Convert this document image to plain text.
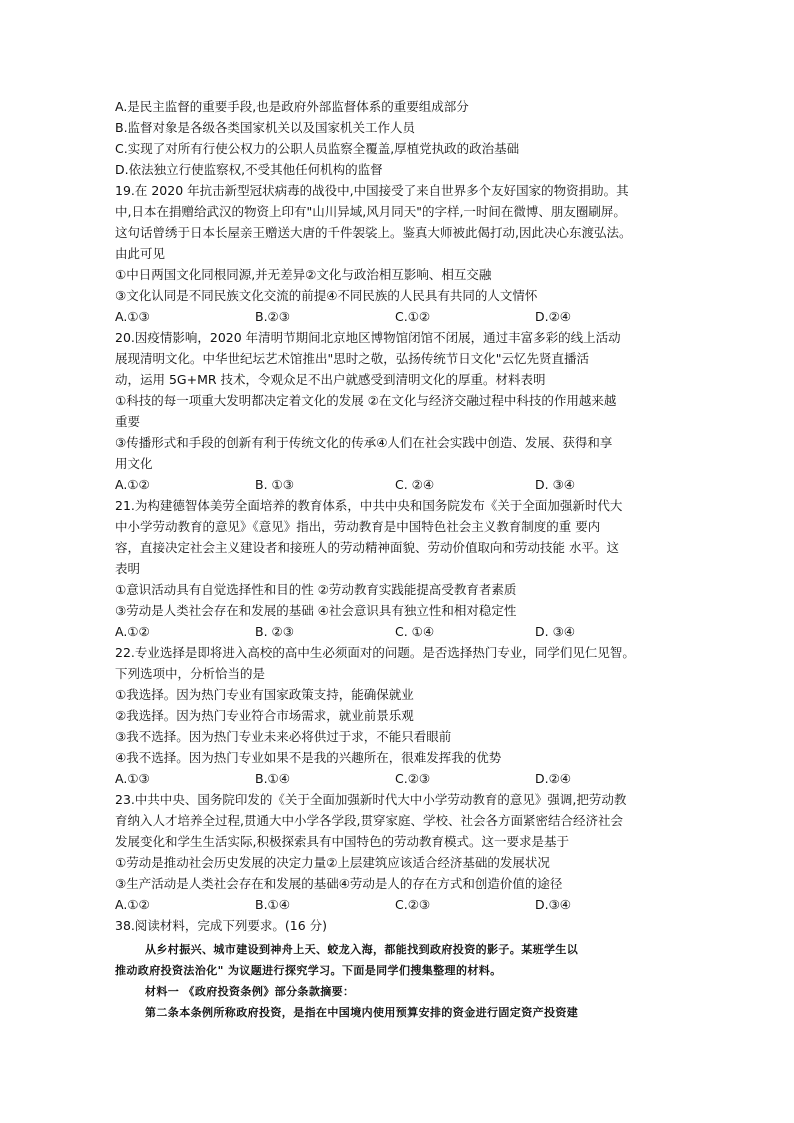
A.是民主监督的重要手段,也是政府外部监督体系的重要组成部分
B.监督对象是各级各类国家机关以及国家机关工作人员
C.实现了对所有行使公权力的公职人员监察全覆盖,厚植党执政的政治基础
D.依法独立行使监察权,不受其他任何机构的监督
19.在 2020 年抗击新型冠状病毒的战役中,中国接受了来自世界多个友好国家的物资捐助。其
中,日本在捐赠给武汉的物资上印有"山川异域,风月同天"的字样,一时间在微博、朋友圈刷屏。
这句话曾绣于日本长屋亲王赠送大唐的千件袈裟上。鉴真大师被此偈打动,因此决心东渡弘法。
由此可见
①中日两国文化同根同源,并无差异②文化与政治相互影响、相互交融
③文化认同是不同民族文化交流的前提④不同民族的人民具有共同的人文情怀
A.①③	B.②③	C.①②	D.②④
20.因疫情影响，2020 年清明节期间北京地区博物馆闭馆不闭展，通过丰富多彩的线上活动
展现清明文化。中华世纪坛艺术馆推出"思时之敬，弘扬传统节日文化"云忆先贤直播活
动，运用 5G+MR 技术，令观众足不出户就感受到清明文化的厚重。材料表明
①科技的每一项重大发明都决定着文化的发展 ②在文化与经济交融过程中科技的作用越来越
重要
③传播形式和手段的创新有利于传统文化的传承④人们在社会实践中创造、发展、获得和享
用文化
A.①②	B. ①③	C. ②④	D. ③④
21.为构建德智体美劳全面培养的教育体系，中共中央和国务院发布《关于全面加强新时代大
中小学劳动教育的意见》《意见》指出，劳动教育是中国特色社会主义教育制度的重 要内
容，直接决定社会主义建设者和接班人的劳动精神面貌、劳动价值取向和劳动技能 水平。这
表明
①意识活动具有自觉选择性和目的性 ②劳动教育实践能提高受教育者素质
③劳动是人类社会存在和发展的基础 ④社会意识具有独立性和相对稳定性
A.①②	B. ②③	C. ①④	D. ③④
22.专业选择是即将进入高校的高中生必须面对的问题。是否选择热门专业，同学们见仁见智。
下列选项中，分析恰当的是
①我选择。因为热门专业有国家政策支持，能确保就业
②我选择。因为热门专业符合市场需求，就业前景乐观
③我不选择。因为热门专业未来必将供过于求，不能只看眼前
④我不选择。因为热门专业如果不是我的兴趣所在，很难发挥我的优势
A.①③	B.①④	C.②③	D.②④
23.中共中央、国务院印发的《关于全面加强新时代大中小学劳动教育的意见》强调,把劳动教
育纳入人才培养全过程,贯通大中小学各学段,贯穿家庭、学校、社会各方面紧密结合经济社会
发展变化和学生生活实际,积极探索具有中国特色的劳动教育模式。这一要求是基于
①劳动是推动社会历史发展的决定力量②上层建筑应该适合经济基础的发展状况
③生产活动是人类社会存在和发展的基础④劳动是人的存在方式和创造价值的途径
A.①②	B.①④	C.②③	D.③④
38.阅读材料，完成下列要求。(16 分)
从乡村振兴、城市建设到神舟上天、蛟龙入海，都能找到政府投资的影子。某班学生以
推动政府投资法治化" 为议题进行探究学习。下面是同学们搜集整理的材料。
材料一 《政府投资条例》部分条款摘要：
第二条本条例所称政府投资，是指在中国境内使用预算安排的资金进行固定资产投资建
